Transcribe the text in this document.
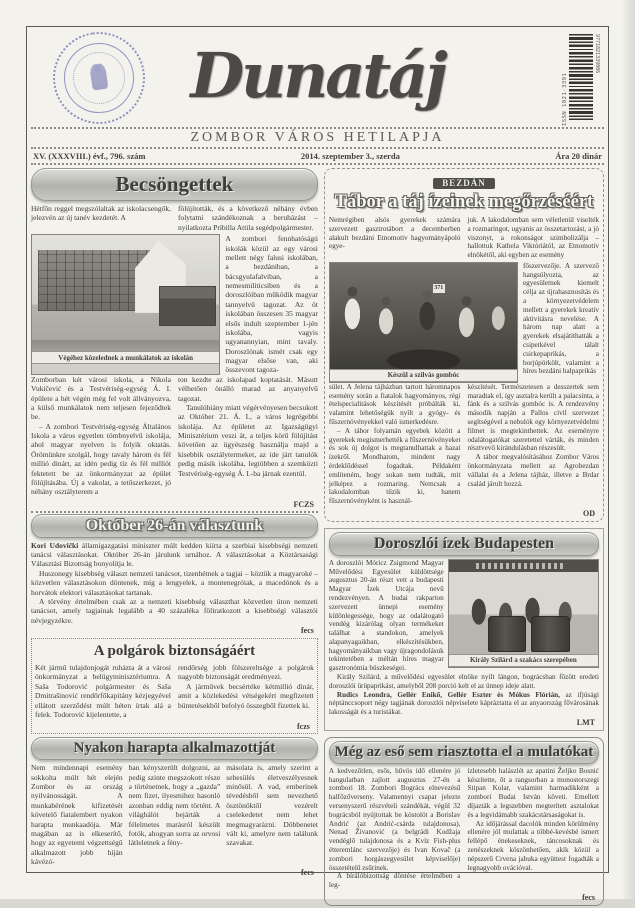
Dunatáj	ISSN 1821-3391
9771821339006
ZOMBOR VÁROS HETILAPJA
XV. (XXXVIII.) évf., 796. szám	2014. szeptember 3., szerda	Ára 20 dinár
Becsöngettek

Hétfőn reggel megszólaltak az iskolacsengők, jelezvén az új tanév kezdetét. A

fölújították, és a következő néhány évben folytatni szándékoznak a beruházást – nyilatkozta Pribilla Attila segédpolgármester.

Végéhez közelednek a munkálatok az iskolán

A zombori fennhatóságú iskolák közül az egy városi mellett négy falusi iskolában, a bezdániban, a bácsgyulafalviban, a nemesmiliticsiben és a doroszlóiban működik magyar tannyelvű tagozat. Az öt iskolában összesen 35 magyar elsős indult szeptember 1-jén iskolába, vagyis ugyanannyian, mint tavaly. Doroszlónak ismét csak egy magyar elsőse van, aki összevont tagoza-

Zomborban két városi iskola, a Nikola Vukičević és a Testvériség-egység Á. I. épülete a hét végén még fel volt állványozva, a külső munkálatok nem teljesen fejeződtek be.

– A zombori Testvériség-egység Általános Iskola a város egyetlen tömbnyelvű iskolája, ahol magyar nyelven is folyik oktatás. Örömünkre szolgál, hogy tavaly három és fél millió dinárt, az idén pedig tíz és fél milliót fektetett be az önkormányzat az épület fölújításába. Új a vakolat, a tetőszerkezet, jó néhány osztályterem a

ton kezdte az iskolapad koptatását. Másutt vélhetően önálló marad az anyanyelvű tagozat.

Tanulóhiány miatt végérvényesen becsukott az Október 21. Á. I., a város legrégebbi iskolája. Az épületet az Igazságügyi Minisztérium veszi át, a teljes körű fölújítást követően az ügyészség használja majd a kisebbik osztálytermeket, az ide járt tanulók pedig másik iskolába, legtöbben a szemközti Testvériség-egység Á. I.-ba járnak ezentúl.

FCZS
Október 26-án választunk

Kori Udovički államigazgatási miniszter múlt kedden kiírta a szerbiai kisebbségi nemzeti tanácsi választásokat. Október 26-án járulunk urnához. A választásokat a Köztársasági Választási Bizottság bonyolítja le.

Huszonegy kisebbség választ nemzeti tanácsot, tizenhétnek a tagjai – köztük a magyaroké – közvetlen választásokon döntenek, míg a lengyelek, a montenegróiak, a macedónok és a horvátok elektori választásokat tartanak.

A törvény értelmében csak az a nemzeti kisebbség választhat közvetlen úton nemzeti tanácsot, amely tagjainak legalább a 40 százaléka föliratkozott a kisebbségi választói névjegyzékre.

fecs
A polgárok biztonságáért

Két jármű tulajdonjogát ruházta át a városi önkormányzat a belügyminisztériumra. A Saša Todorović polgármester és Saša Dmitrašinović rendőrfőkapitány kézjegyével ellátott szerződést múlt héten írtak alá a felek. Todorović kijelentette, a

rendőrség jobb fölszereltsége a polgárok nagyobb biztonságát eredményezi.

A járművek becsértéke kétmillió dinár, amit a közlekedési vétségekért megfizetett büntetésekből befolyó összegből fizettek ki.

fczs
Nyakon harapta alkalmazottját

Nem mindennapi esemény sokkolta múlt hét elején Zombor és az ország nyilvánosságát. A munkabérének kifizetését követelő fiatalembert nyakon harapta munkaadója. Már magában az is elkeserítő, hogy az egyetemi végzettségű alkalmazott jobb híján kávézó-

ban kényszerült dolgozni, az pedig szinte megszokott része a történetnek, hogy a „gazda” nem fizet, ilyesmihez hasonló azonban eddig nem történt. A világhálót bejárták a félelmetes marásról készült fotók, ahogyan sorra az orvosi látleletnek a fény-

másolata is, amely szerint a sebesülés életveszélyesnek minősül. A vad, emberinek tévedésből sem nevezhető ösztönöktől vezérelt cselekedetet nem lehet megmagyarázni. Döbbenetet vált ki, amelyre nem találunk szavakat.

fecs
BEZDÁN
Tábor a táj ízeinek megőrzéséért

Nemrégiben alsós gyerekek számára szervezett gasztrotábort a decemberben alakult bezdáni Etnomotiv hagyományápoló egye-

juk. A lakodalomban sem véletlenül viselték a rozmaringot, ugyanis az összetartozást, a jó viszonyt, a rokonságot szimbolizálja – hallottuk Kathela Viktóriától, az Etnomotiv elnökétől, aki egyben az esemény

371
Készül a szilvás gombóc

főszervezője. A szervező hangsúlyozta, az egyesületnek kiemelt célja az újrahasznosítás és a környezetvédelem mellett a gyerekek kreatív aktivitásra nevelése. A három nap alatt a gyerekek elsajátíthatták a csipetkével tálalt csirkepaprikás, a borjúpörkölt, valamint a híres bezdáni halpaprikás

sület. A Jelena tájházban tartott háromnapos esemény során a fiatalok hagyományos, régi ételspecialitások készítését próbálták ki, valamint lehetőségük nyílt a gyógy- és fűszernövényekkel való ismerkedésre.

– A tábor folyamán egyebek között a gyerekek megismerhették a fűszernövényeket és sok új dolgot is megtanulhattak a hazai ízekről. Mondhatom, mindent nagy érdeklődéssel fogadtak. Példaként említeném, hogy sokan nem tudták, mit jelképez a rozmaring. Nemcsak a lakodalomban tűzik ki, hanem fűszernövényként is használ-

készítését. Természetesen a desszertek sem maradtak el, így asztalra került a palacsinta, a fánk és a szilvás gombóc is. A rendezvény második napján a Pallos civil szervezet segítségével a nebulók egy környezetvédelmi filmet is megtekinthettek. Az eseményre odalátogatókat szeretettel várták, és minden résztvevő kirándulásban részesült.

A tábor megvalósításához Zombor Város önkormányzata mellett az Agrobezdan vállalat és a Jelena tájház, illetve a Brdar család járult hozzá.

OD
Doroszlói ízek Budapesten
Király Szilárd a szakács szerepében

A doroszlói Móricz Zsigmond Magyar Művelődési Egyesület küldöttsége augusztus 20-án részt vett a budapesti Magyar Ízek Utcája nevű rendezvényen. A budai rakparton szervezett ünnepi esemény különlegessége, hogy az odalátogató vendég kizárólag olyan termékeket találhat a standokon, amelyek alapanyagaikban, elkészítésükben, hagyományaikban vagy újragondolásuk tekintetében a méltán híres magyar gasztronómia büszkeségei.

Király Szilárd, a művelődési egyesület elnöke nyílt lángon, bográcsban főzött eredeti doroszlói ürüpaprikást, amelyből 208 porció kelt el az ünnep ideje alatt.

Rudics Leondra, Gellér Enikő, Gellér Eszter és Mókus Flórián, az ifjúsági néptánccsoport négy tagjának doroszlói népviselete kápráztatta el az anyaország fővárosának lakosságát és a turistákat.

LMT
Még az eső sem riasztotta el a mulatókat

A kedvezőtlen, esős, hűvös idő ellenére jó hangulatban zajlott augusztus 27-én a zombori 18. Zombori Bogrács elnevezésű halfőzőverseny. Valamennyi csapat jelezte versenyszerű részvételi szándékát, végül 32 bográcsból nyújtottak be kóstolót a Borislav Andrić (az Andrić-csárda tulajdonosa), Nenad Živanović (a belgrádi Kodžaja vendéglő tulajdonosa és a Kvíz Fish-plus étteremlánc szervezője) és Ivan Kovač (a zombori horgászegyesület képviselője) összetételű zsűrinek.

A bírálóbizottság döntése értelmében a leg-

ízletesebb halászlét az apatini Željko Bosnić készítette, őt a rangsorban a monostorszegi Stipan Kolar, valamint harmadikként a zombori Budai István követi. Emellett díjazták a legszebben megterített asztalokat és a legvidámabb szakácstársaságokat is.

Az időjárással dacolók minden körülmény ellenére jól mulattak a többé-kevésbé ismert fellépő énekeseknek, táncosoknak és zenészeknek köszönhetően, akik közül a népszerű Crvena jabuka együttest fogadták a legnagyobb ovációval.

fecs
